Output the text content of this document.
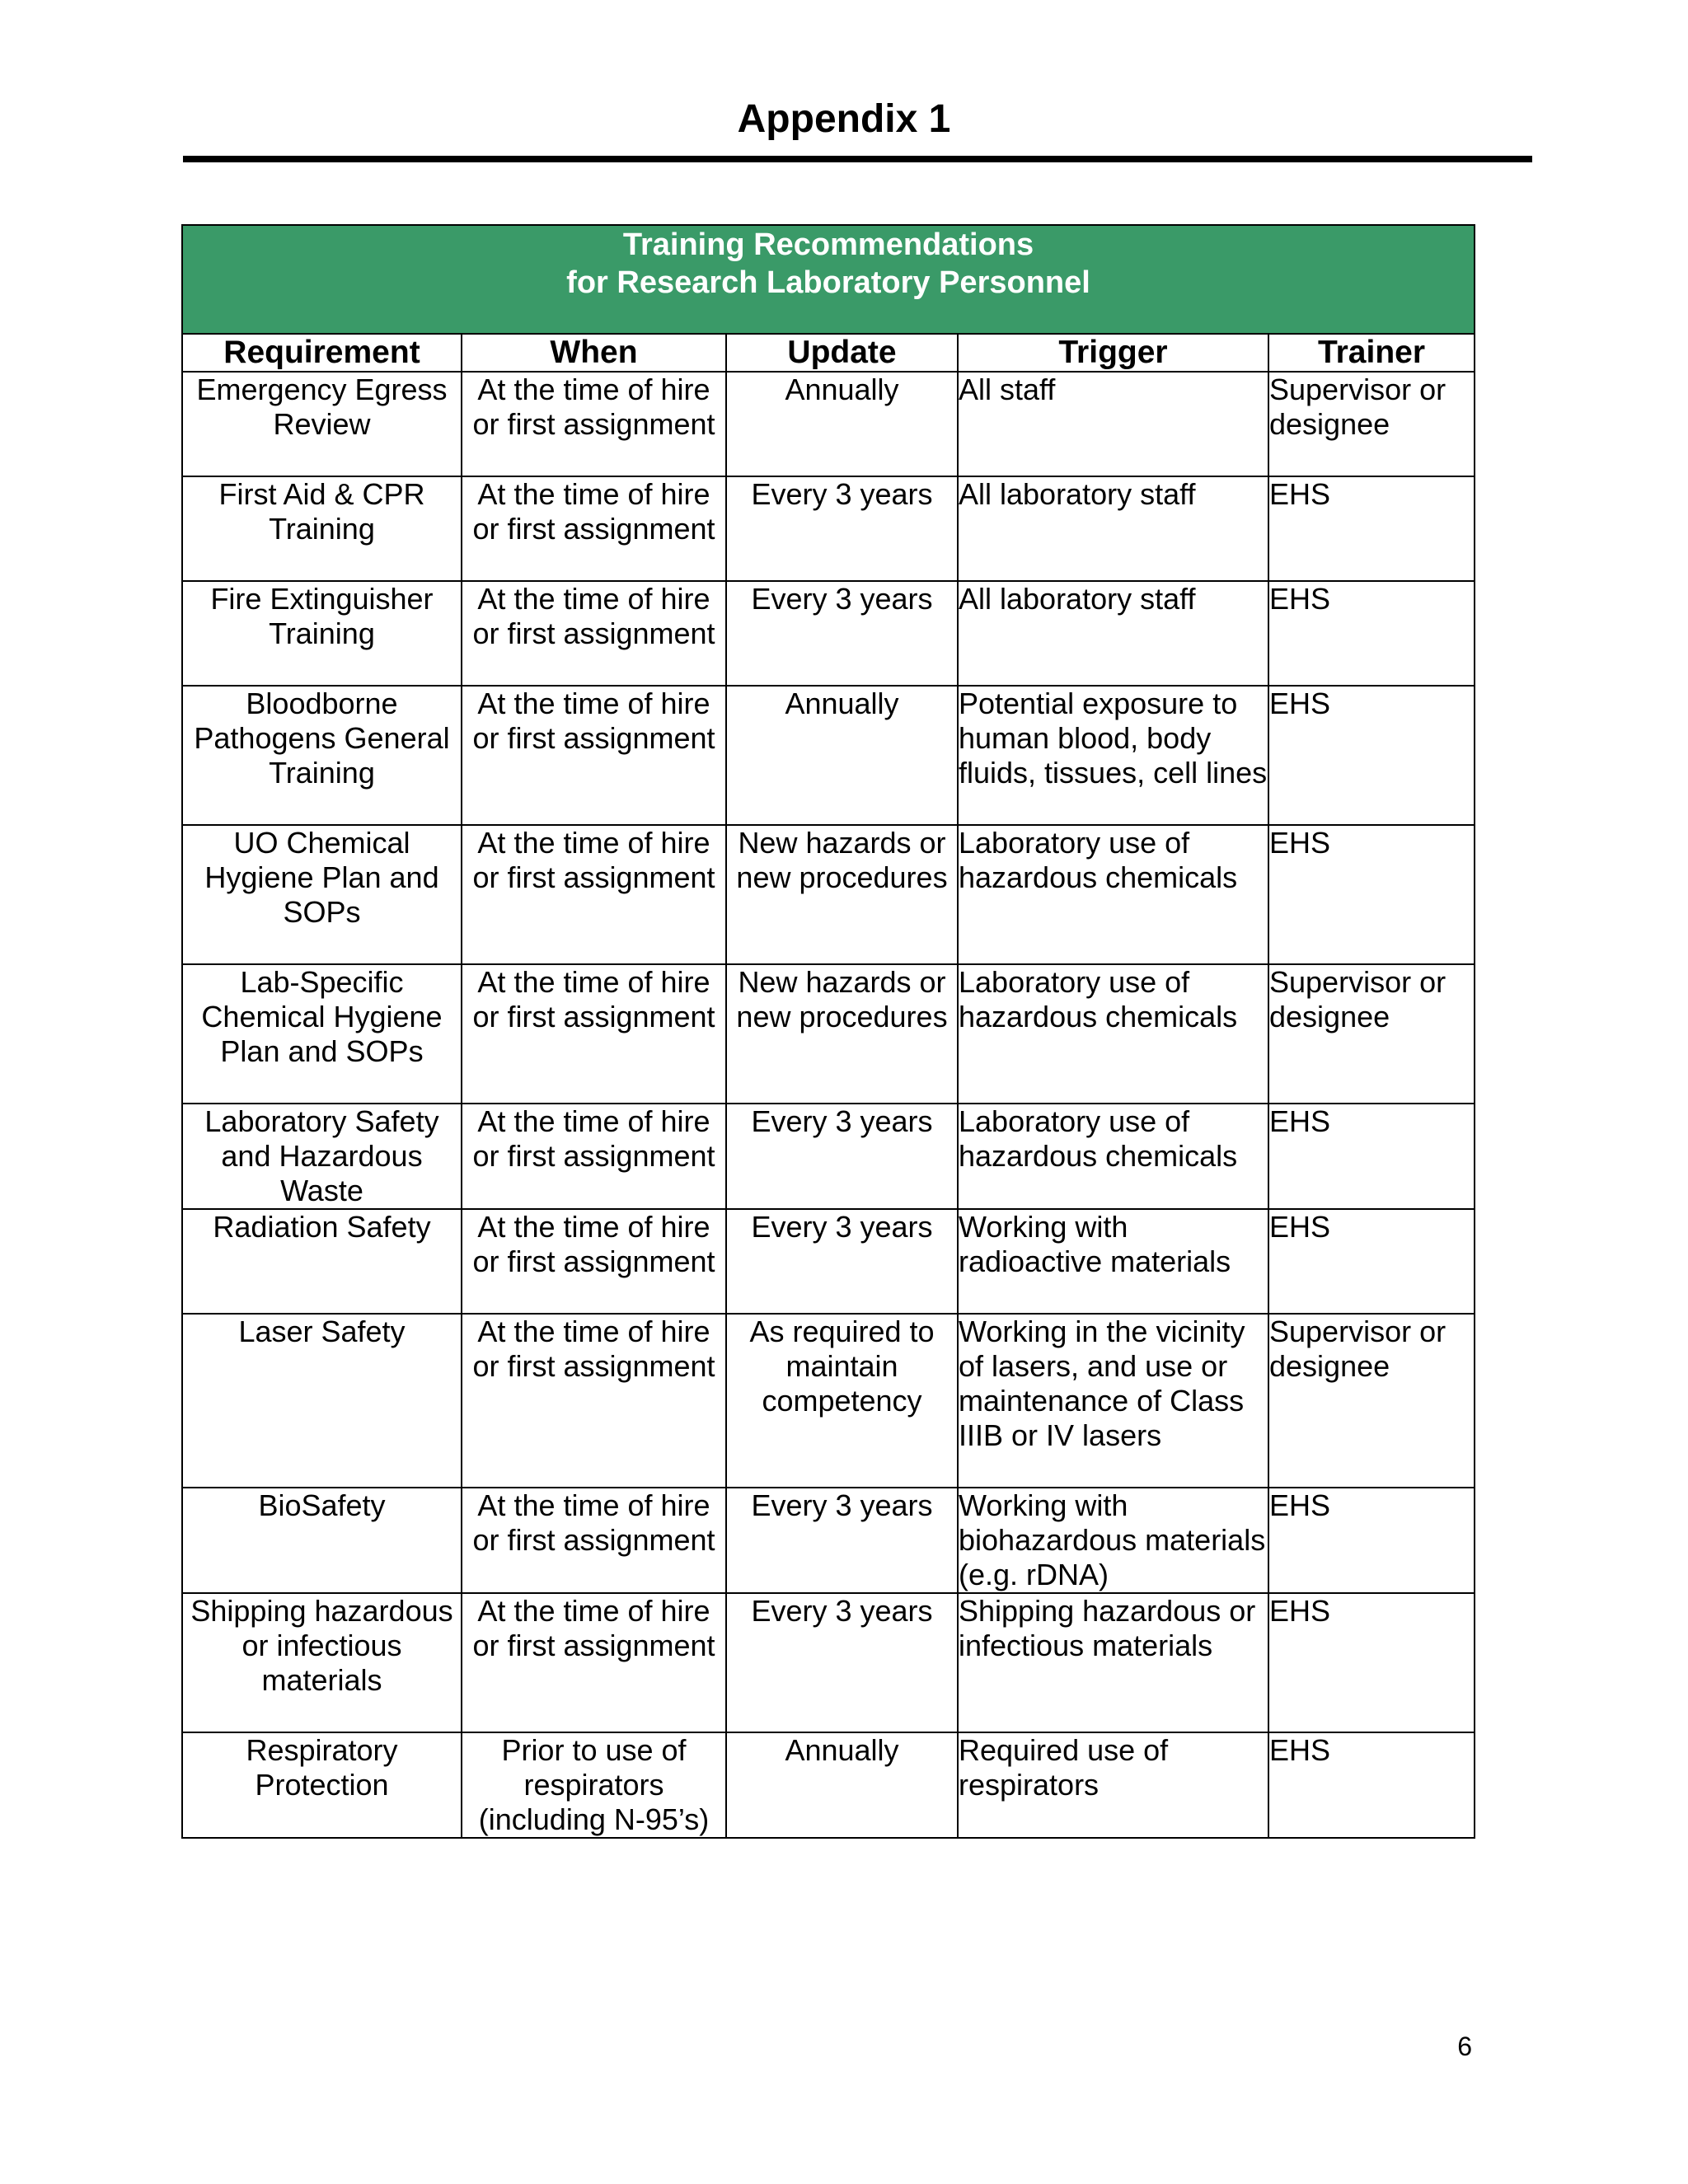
Appendix 1
Training Recommendations
for Research Laboratory Personnel				

Requirement	When	Update	Trigger	Trainer
Emergency Egress Review	At the time of hire or first assignment	Annually	All staff	Supervisor or designee
First Aid & CPR Training	At the time of hire or first assignment	Every 3 years	All laboratory staff	EHS
Fire Extinguisher Training	At the time of hire or first assignment	Every 3 years	All laboratory staff	EHS
Bloodborne Pathogens General Training	At the time of hire or first assignment	Annually	Potential exposure to human blood, body fluids, tissues, cell lines	EHS
UO Chemical Hygiene Plan and SOPs	At the time of hire or first assignment	New hazards or new procedures	Laboratory use of hazardous chemicals	EHS
Lab-Specific Chemical Hygiene Plan and SOPs	At the time of hire or first assignment	New hazards or new procedures	Laboratory use of hazardous chemicals	Supervisor or designee
Laboratory Safety and Hazardous Waste	At the time of hire or first assignment	Every 3 years	Laboratory use of hazardous chemicals	EHS
Radiation Safety	At the time of hire or first assignment	Every 3 years	Working with radioactive materials	EHS
Laser Safety	At the time of hire or first assignment	As required to maintain competency	Working in the vicinity of lasers, and use or maintenance of Class IIIB or IV lasers	Supervisor or designee
BioSafety	At the time of hire or first assignment	Every 3 years	Working with biohazardous materials (e.g. rDNA)	EHS
Shipping hazardous or infectious materials	At the time of hire or first assignment	Every 3 years	Shipping hazardous or infectious materials	EHS
Respiratory Protection	Prior to use of respirators (including N-95’s)	Annually	Required use of respirators	EHS
6
